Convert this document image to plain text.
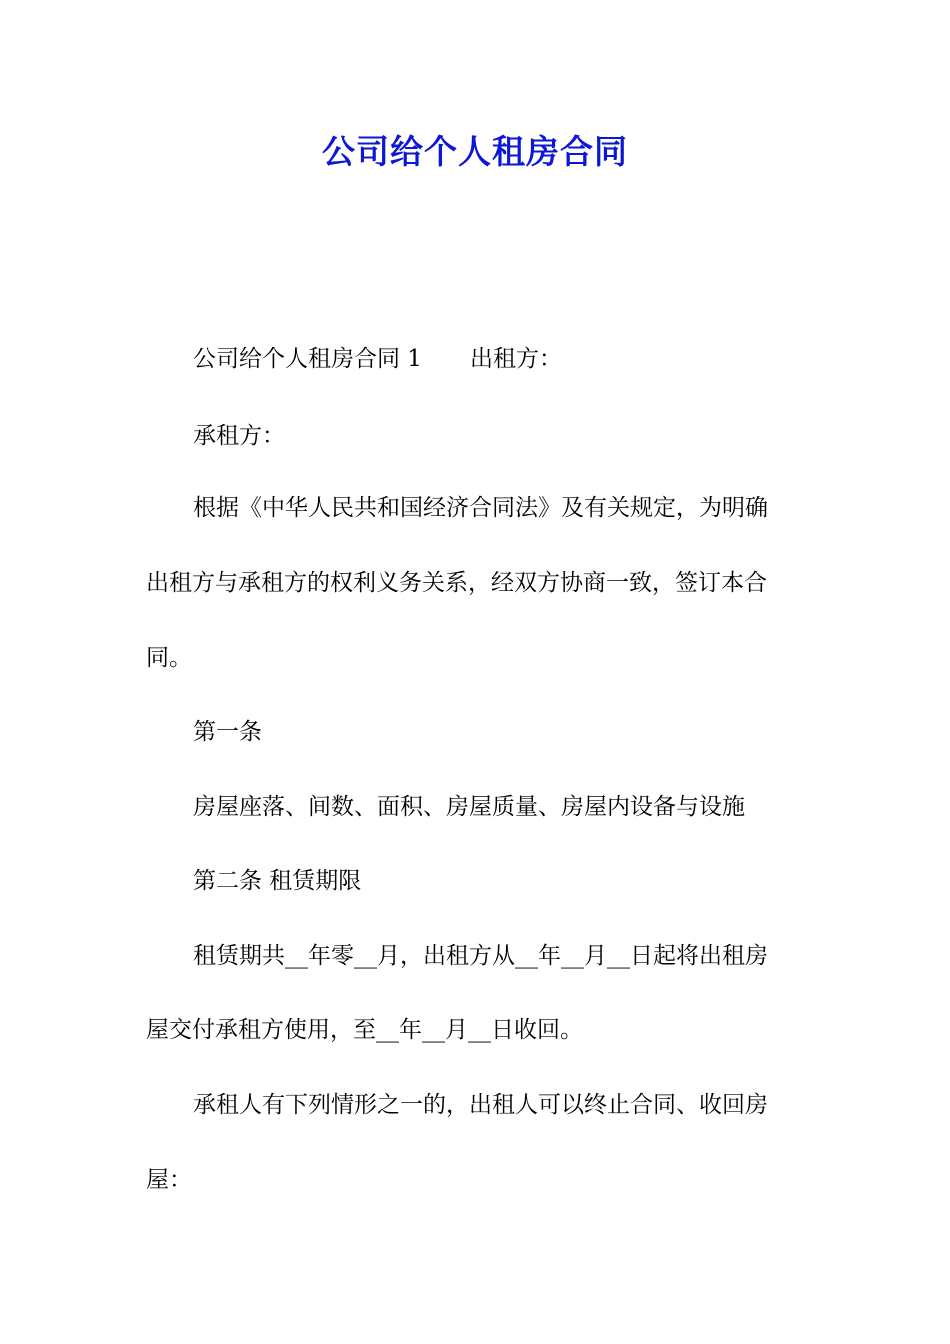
公司给个人租房合同
公司给个人租房合同 1 出租方：
承租方：
根据《中华人民共和国经济合同法》及有关规定，为明确
出租方与承租方的权利义务关系，经双方协商一致，签订本合
同。
第一条
房屋座落、间数、面积、房屋质量、房屋内设备与设施
第二条 租赁期限
租赁期共__年零__月，出租方从__年__月__日起将出租房
屋交付承租方使用，至__年__月__日收回。
承租人有下列情形之一的，出租人可以终止合同、收回房
屋：
